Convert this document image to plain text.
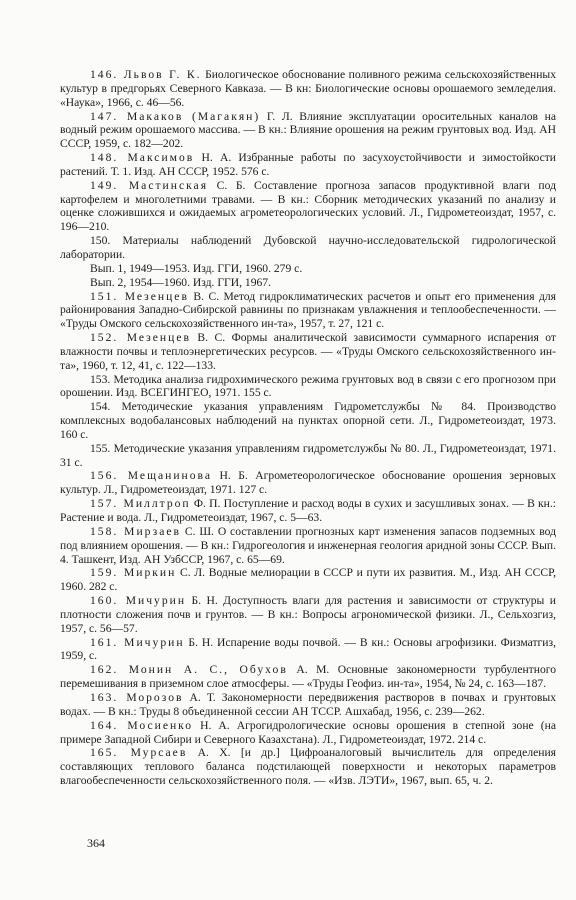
146. Львов Г. К. Биологическое обоснование поливного режима сельскохозяйственных культур в предгорьях Северного Кавказа. — В кн: Биологические основы орошаемого земледелия. «Наука», 1966, с. 46—56.

147. Макаков (Магакян) Г. Л. Влияние эксплуатации оросительных каналов на водный режим орошаемого массива. — В кн.: Влияние орошения на режим грунтовых вод. Изд. АН СССР, 1959, с. 182—202.

148. Максимов Н. А. Избранные работы по засухоустойчивости и зимостойкости растений. Т. 1. Изд. АН СССР, 1952. 576 с.

149. Мастинская С. Б. Составление прогноза запасов продуктивной влаги под картофелем и многолетними травами. — В кн.: Сборник методических указаний по анализу и оценке сложившихся и ожидаемых агрометеорологических условий. Л., Гидрометеоиздат, 1957, с. 196—210.

150. Материалы наблюдений Дубовской научно-исследовательской гидрологической лаборатории.

Вып. 1, 1949—1953. Изд. ГГИ, 1960. 279 с.

Вып. 2, 1954—1960. Изд. ГГИ, 1967.

151. Мезенцев В. С. Метод гидроклиматических расчетов и опыт его применения для районирования Западно-Сибирской равнины по признакам увлажнения и теплообеспеченности. — «Труды Омского сельскохозяйственного ин-та», 1957, т. 27, 121 с.

152. Мезенцев В. С. Формы аналитической зависимости суммарного испарения от влажности почвы и теплоэнергетических ресурсов. — «Труды Омского сельскохозяйственного ин-та», 1960, т. 12, 41, с. 122—133.

153. Методика анализа гидрохимического режима грунтовых вод в связи с его прогнозом при орошении. Изд. ВСЕГИНГЕО, 1971. 155 с.

154. Методические указания управлениям Гидрометслужбы № 84. Производство комплексных водобалансовых наблюдений на пунктах опорной сети. Л., Гидрометеоиздат, 1973. 160 с.

155. Методические указания управлениям гидрометслужбы № 80. Л., Гидрометеоиздат, 1971. 31 с.

156. Мещанинова Н. Б. Агрометеорологическое обоснование орошения зерновых культур. Л., Гидрометеоиздат, 1971. 127 с.

157. Миллтроп Ф. П. Поступление и расход воды в сухих и засушливых зонах. — В кн.: Растение и вода. Л., Гидрометеоиздат, 1967, с. 5—63.

158. Мирзаев С. Ш. О составлении прогнозных карт изменения запасов подземных вод под влиянием орошения. — В кн.: Гидрогеология и инженерная геология аридной зоны СССР. Вып. 4. Ташкент, Изд. АН УзбССР, 1967, с. 65—69.

159. Миркин С. Л. Водные мелиорации в СССР и пути их развития. М., Изд. АН СССР, 1960. 282 с.

160. Мичурин Б. Н. Доступность влаги для растения и зависимости от структуры и плотности сложения почв и грунтов. — В кн.: Вопросы агрономической физики. Л., Сельхозгиз, 1957, с. 56—57.

161. Мичурин Б. Н. Испарение воды почвой. — В кн.: Основы агрофизики. Физматгиз, 1959, с.

162. Монин А. С., Обухов А. М. Основные закономерности турбулентного перемешивания в приземном слое атмосферы. — «Труды Геофиз. ин-та», 1954, № 24, с. 163—187.

163. Морозов А. Т. Закономерности передвижения растворов в почвах и грунтовых водах. — В кн.: Труды 8 объединенной сессии АН ТССР. Ашхабад, 1956, с. 239—262.

164. Мосиенко Н. А. Агрогидрологические основы орошения в степной зоне (на примере Западной Сибири и Северного Казахстана). Л., Гидрометеоиздат, 1972. 214 с.

165. Мурсаев А. Х. [и др.] Цифроаналоговый вычислитель для определения составляющих теплового баланса подстилающей поверхности и некоторых параметров влагообеспеченности сельскохозяйственного поля. — «Изв. ЛЭТИ», 1967, вып. 65, ч. 2.

364
